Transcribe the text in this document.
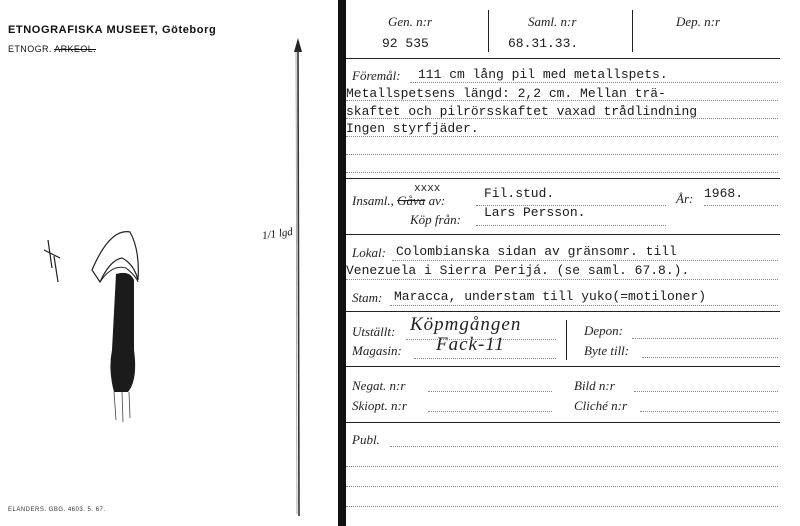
ETNOGRAFISKA MUSEET, Göteborg
ETNOGR. ARKEOL.
1/1 lgd
ELANDERS. GBG. 4603. 5. 67.
Gen. n:r
92 535
Saml. n:r
68.31.33.
Dep. n:r
Föremål: 111 cm lång pil med metallspets.
Metallspetsens längd: 2,2 cm. Mellan trä-
skaftet och pilrörsskaftet vaxad trådlindning
Ingen styrfjäder.
Insaml., Gåva av:
xxxx	Fil.stud.
Lars Persson.
Köp från:
År: 1968.
Lokal: Colombianska sidan av gränsomr. till
Venezuela i Sierra Perijá. (se saml. 67.8.).
Stam: Maracca, understam till yuko(=motiloner)
Utställt: Köpmgången
Magasin: Fack-11
Depon:
Byte till:
Negat. n:r
Skiopt. n:r
Bild n:r
Cliché n:r
Publ.
